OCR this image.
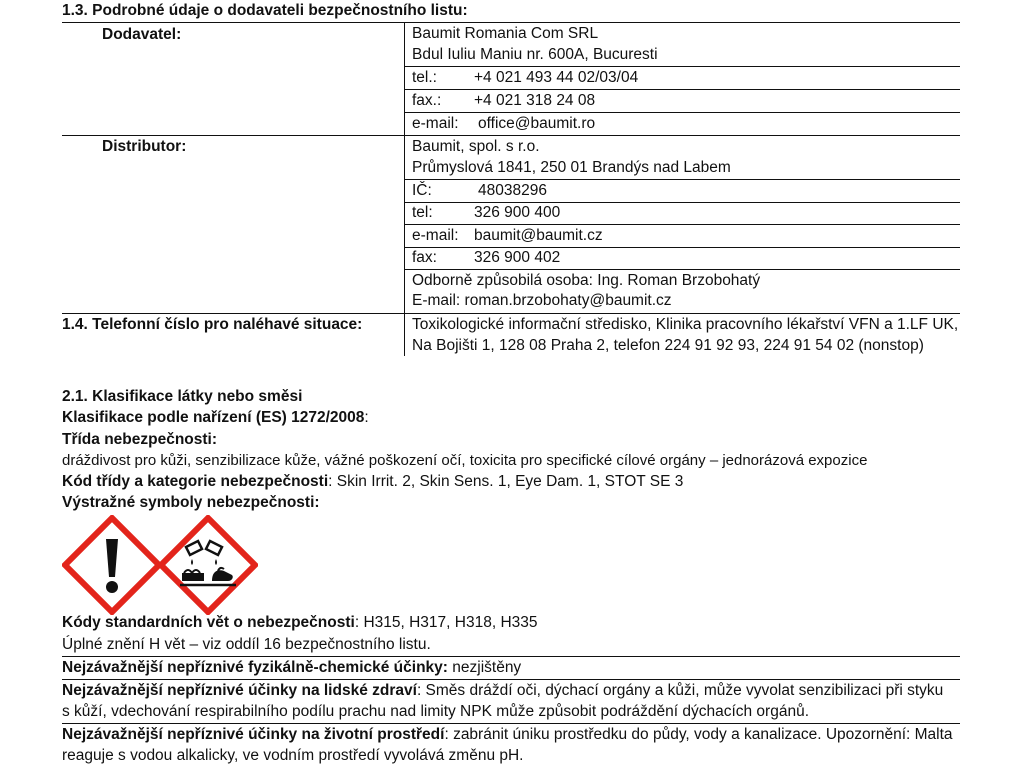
1.3. Podrobné údaje o dodavateli bezpečnostního listu:
Dodavatel:	Baumit Romania Com SRL
Bdul Iuliu Maniu nr. 600A, Bucuresti
tel.: +4 021 493 44 02/03/04
fax.: +4 021 318 24 08
e-mail: office@baumit.ro
Distributor:	Baumit, spol. s r.o.
Průmyslová 1841, 250 01 Brandýs nad Labem
IČ:	48038296
tel:	326 900 400
e-mail: baumit@baumit.cz
fax: 326 900 402
Odborně způsobilá osoba: Ing. Roman Brzobohatý
E-mail: roman.brzobohaty@baumit.cz
1.4. Telefonní číslo pro naléhavé situace:	Toxikologické informační středisko, Klinika pracovního lékařství VFN a 1.LF UK,
Na Bojišti 1, 128 08 Praha 2, telefon 224 91 92 93, 224 91 54 02 (nonstop)
2.1. Klasifikace látky nebo směsi
Klasifikace podle nařízení (ES) 1272/2008:
Třída nebezpečnosti:
dráždivost pro kůži, senzibilizace kůže, vážné poškození očí, toxicita pro specifické cílové orgány – jednorázová expozice
Kód třídy a kategorie nebezpečnosti: Skin Irrit. 2, Skin Sens. 1, Eye Dam. 1, STOT SE 3
Výstražné symboly nebezpečnosti:
Kódy standardních vět o nebezpečnosti: H315, H317, H318, H335
Úplné znění H vět – viz oddíl 16 bezpečnostního listu.
Nejzávažnější nepříznivé fyzikálně-chemické účinky: nezjištěny
Nejzávažnější nepříznivé účinky na lidské zdraví: Směs dráždí oči, dýchací orgány a kůži, může vyvolat senzibilizaci při styku
s kůží, vdechování respirabilního podílu prachu nad limity NPK může způsobit podráždění dýchacích orgánů.
Nejzávažnější nepříznivé účinky na životní prostředí: zabránit úniku prostředku do půdy, vody a kanalizace. Upozornění: Malta
reaguje s vodou alkalicky, ve vodním prostředí vyvolává změnu pH.
